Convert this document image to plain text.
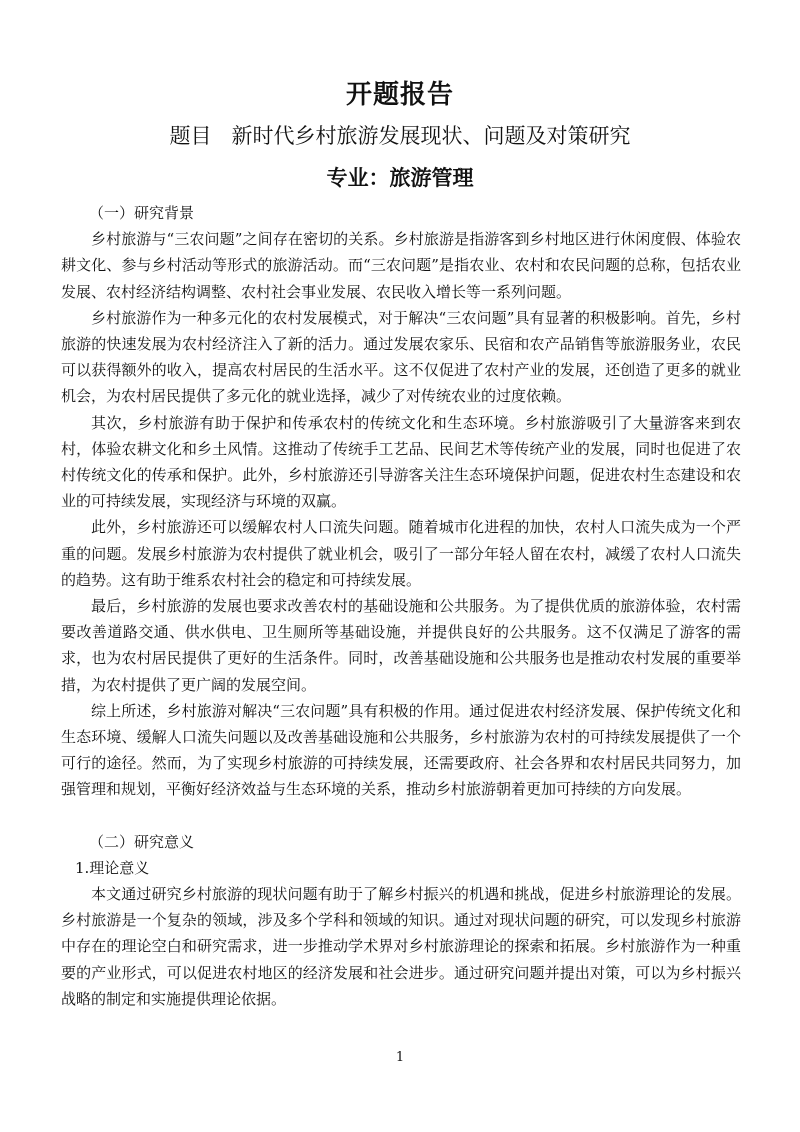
开题报告
题目   新时代乡村旅游发展现状、问题及对策研究
专业：旅游管理

（一）研究背景

乡村旅游与“三农问题”之间存在密切的关系。乡村旅游是指游客到乡村地区进行休闲度假、体验农耕文化、参与乡村活动等形式的旅游活动。而“三农问题”是指农业、农村和农民问题的总称，包括农业发展、农村经济结构调整、农村社会事业发展、农民收入增长等一系列问题。

乡村旅游作为一种多元化的农村发展模式，对于解决“三农问题”具有显著的积极影响。首先，乡村旅游的快速发展为农村经济注入了新的活力。通过发展农家乐、民宿和农产品销售等旅游服务业，农民可以获得额外的收入，提高农村居民的生活水平。这不仅促进了农村产业的发展，还创造了更多的就业机会，为农村居民提供了多元化的就业选择，减少了对传统农业的过度依赖。

其次，乡村旅游有助于保护和传承农村的传统文化和生态环境。乡村旅游吸引了大量游客来到农村，体验农耕文化和乡土风情。这推动了传统手工艺品、民间艺术等传统产业的发展，同时也促进了农村传统文化的传承和保护。此外，乡村旅游还引导游客关注生态环境保护问题，促进农村生态建设和农业的可持续发展，实现经济与环境的双赢。

此外，乡村旅游还可以缓解农村人口流失问题。随着城市化进程的加快，农村人口流失成为一个严重的问题。发展乡村旅游为农村提供了就业机会，吸引了一部分年轻人留在农村，减缓了农村人口流失的趋势。这有助于维系农村社会的稳定和可持续发展。

最后，乡村旅游的发展也要求改善农村的基础设施和公共服务。为了提供优质的旅游体验，农村需要改善道路交通、供水供电、卫生厕所等基础设施，并提供良好的公共服务。这不仅满足了游客的需求，也为农村居民提供了更好的生活条件。同时，改善基础设施和公共服务也是推动农村发展的重要举措，为农村提供了更广阔的发展空间。

综上所述，乡村旅游对解决“三农问题”具有积极的作用。通过促进农村经济发展、保护传统文化和生态环境、缓解人口流失问题以及改善基础设施和公共服务，乡村旅游为农村的可持续发展提供了一个可行的途径。然而，为了实现乡村旅游的可持续发展，还需要政府、社会各界和农村居民共同努力，加强管理和规划，平衡好经济效益与生态环境的关系，推动乡村旅游朝着更加可持续的方向发展。

（二）研究意义

1.理论意义

本文通过研究乡村旅游的现状问题有助于了解乡村振兴的机遇和挑战，促进乡村旅游理论的发展。乡村旅游是一个复杂的领域，涉及多个学科和领域的知识。通过对现状问题的研究，可以发现乡村旅游中存在的理论空白和研究需求，进一步推动学术界对乡村旅游理论的探索和拓展。乡村旅游作为一种重要的产业形式，可以促进农村地区的经济发展和社会进步。通过研究问题并提出对策，可以为乡村振兴战略的制定和实施提供理论依据。

1
